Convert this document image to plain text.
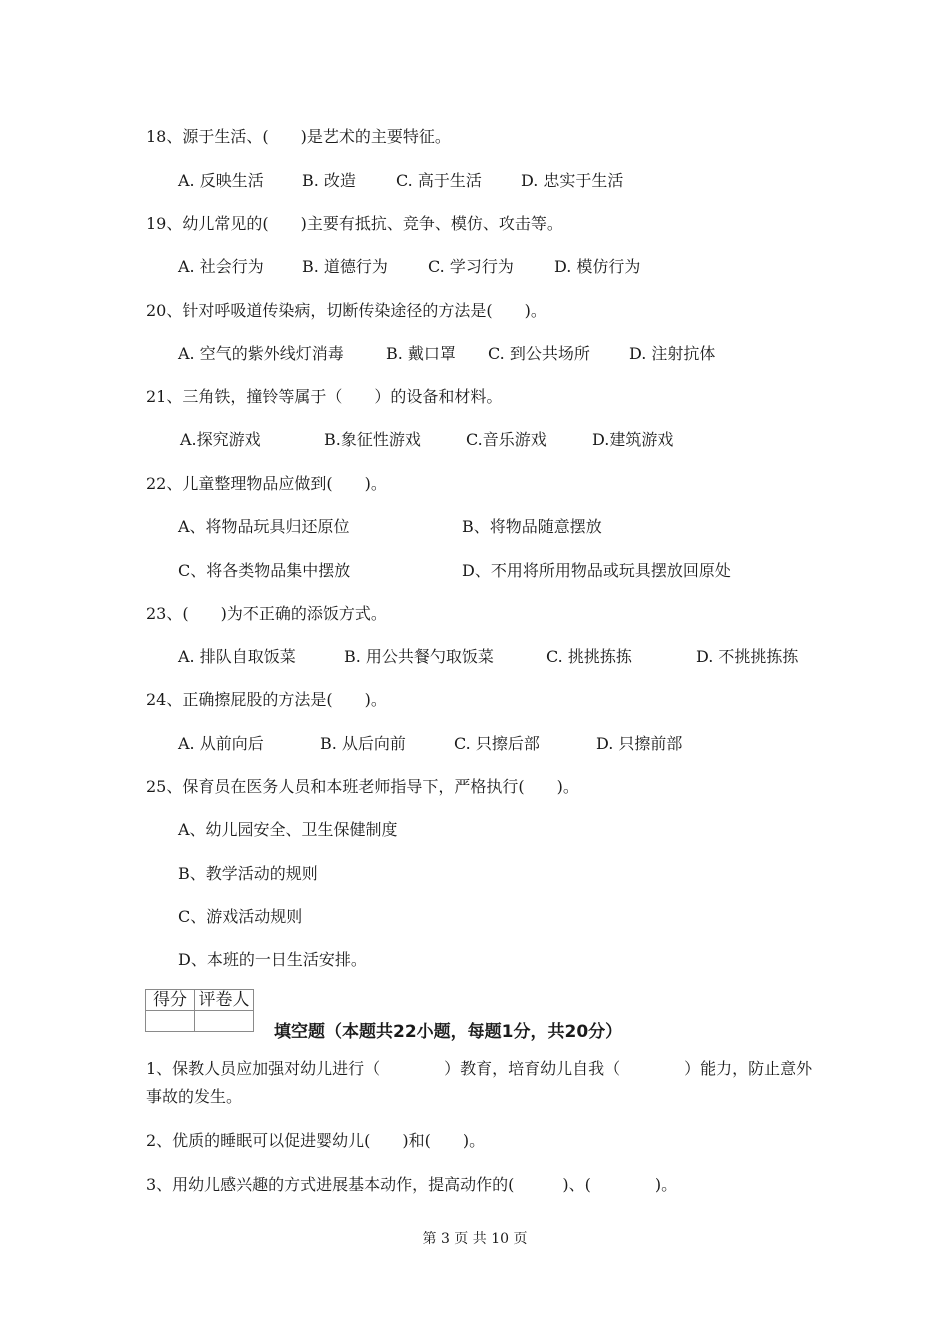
18、源于生活、(　　)是艺术的主要特征。
A. 反映生活 B. 改造	C. 高于生活 D. 忠实于生活
19、幼儿常见的(　　)主要有抵抗、竞争、模仿、攻击等。
A. 社会行为 B. 道德行为	C. 学习行为	D. 模仿行为
20、针对呼吸道传染病，切断传染途径的方法是(　　)。
A. 空气的紫外线灯消毒	B. 戴口罩 C. 到公共场所 D. 注射抗体
21、三角铁，撞铃等属于（　　）的设备和材料。
A.探究游戏	B.象征性游戏	C.音乐游戏	D.建筑游戏
22、儿童整理物品应做到(　　)。
A、将物品玩具归还原位	B、将物品随意摆放
C、将各类物品集中摆放	D、不用将所用物品或玩具摆放回原处
23、(　　)为不正确的添饭方式。
A. 排队自取饭菜	B. 用公共餐勺取饭菜	C. 挑挑拣拣	D. 不挑挑拣拣
24、正确擦屁股的方法是(　　)。
A. 从前向后	B. 从后向前	C. 只擦后部	D. 只擦前部
25、保育员在医务人员和本班老师指导下，严格执行(　　)。
A、幼儿园安全、卫生保健制度
B、教学活动的规则
C、游戏活动规则
D、本班的一日生活安排。
得分	评卷人

填空题（本题共22小题，每题1分，共20分）
1、保教人员应加强对幼儿进行（　　　　）教育，培育幼儿自我（　　　　）能力，防止意外事故的发生。
2、优质的睡眠可以促进婴幼儿(　　)和(　　)。
3、用幼儿感兴趣的方式进展基本动作，提高动作的(　　　)、(　　　　)。
第 3 页 共 10 页
